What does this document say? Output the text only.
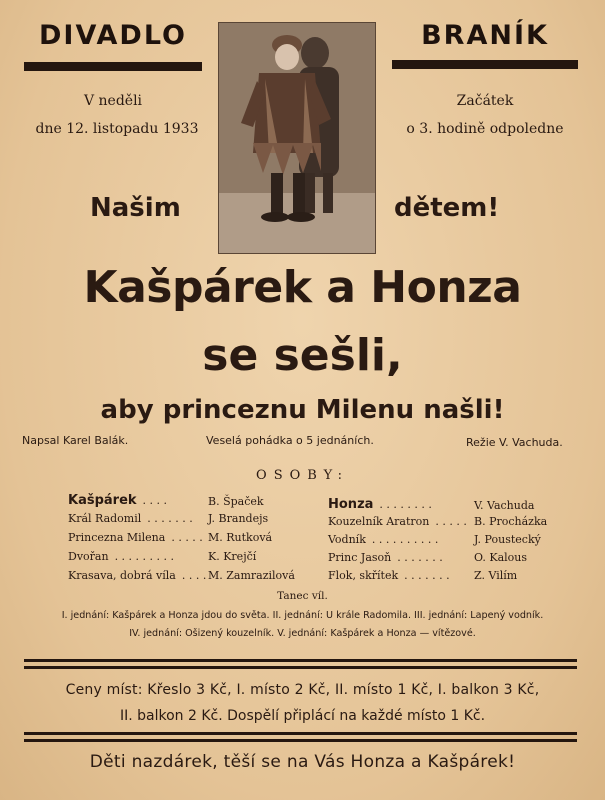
DIVADLO	BRANÍK
V neděli
dne 12. listopadu 1933
Začátek
o 3. hodině odpoledne
Našim	dětem!
Kašpárek a Honza
se sešli,
aby princeznu Milenu našli!
Napsal Karel Balák.	Veselá pohádka o 5 jednáních.	Režie V. Vachuda.
OSOBY:
Kašpárek . . . .	B. Špaček
Král Radomil . . . . . . . J. Brandejs
Princezna Milena . . . . . M. Rutková
Dvořan . . . . . . . . .	K. Krejčí
Krasava, dobrá víla . . . . M. Zamrazilová
Honza . . . . . . . .	V. Vachuda
Kouzelník Aratron . . . . . B. Procházka
Vodník . . . . . . . . . .	J. Poustecký
Princ Jasoň . . . . . . .	O. Kalous
Flok, skřítek . . . . . . . Z. Vilím
Tanec víl.
I. jednání: Kašpárek a Honza jdou do světa. II. jednání: U krále Radomila. III. jednání: Lapený vodník.
IV. jednání: Ošizený kouzelník. V. jednání: Kašpárek a Honza — vítězové.
Ceny míst: Křeslo 3 Kč, I. místo 2 Kč, II. místo 1 Kč, I. balkon 3 Kč,
II. balkon 2 Kč. Dospělí připlácí na každé místo 1 Kč.
Děti nazdárek, těší se na Vás Honza a Kašpárek!
